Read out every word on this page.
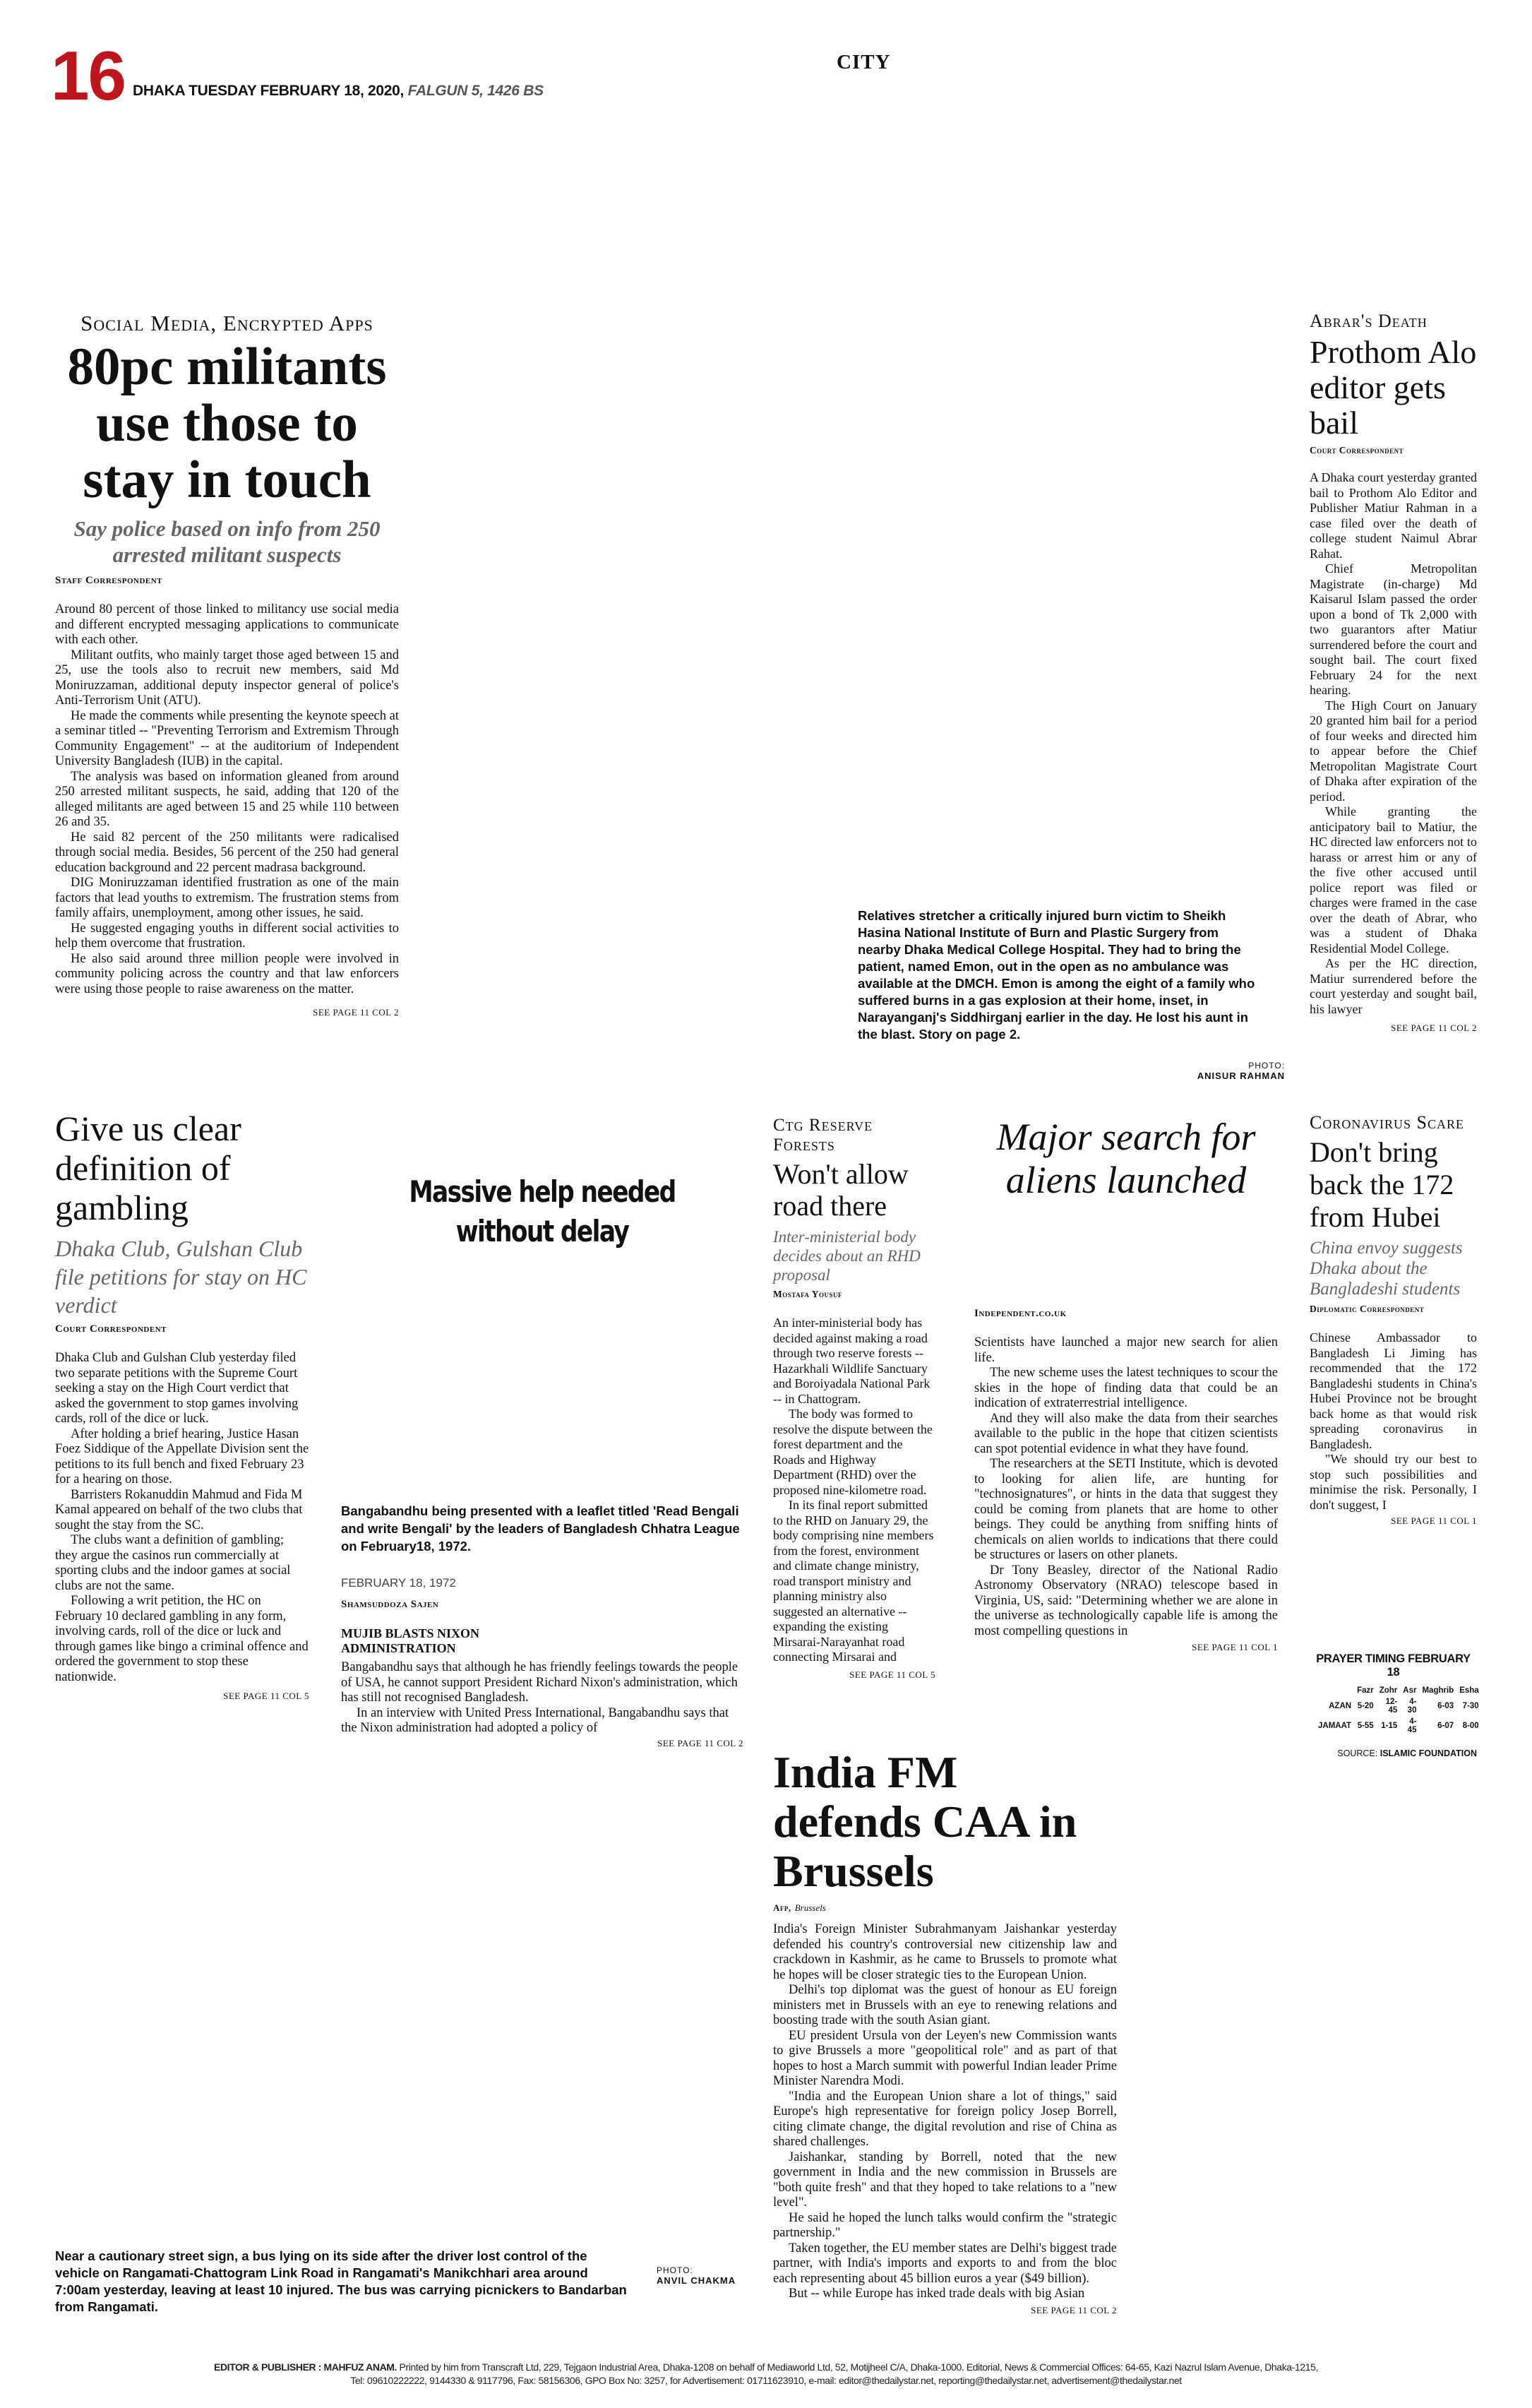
16 DHAKA TUESDAY FEBRUARY 18, 2020, FALGUN 5, 1426 BS
CITY
Social Media, Encrypted Apps
80pc militants use those to stay in touch
Say police based on info from 250 arrested militant suspects
Staff Correspondent

Around 80 percent of those linked to militancy use social media and different encrypted messaging applications to communicate with each other.

Militant outfits, who mainly target those aged between 15 and 25, use the tools also to recruit new members, said Md Moniruzzaman, additional deputy inspector general of police's Anti-Terrorism Unit (ATU).

He made the comments while presenting the keynote speech at a seminar titled -- "Preventing Terrorism and Extremism Through Community Engagement" -- at the auditorium of Independent University Bangladesh (IUB) in the capital.

The analysis was based on information gleaned from around 250 arrested militant suspects, he said, adding that 120 of the alleged militants are aged between 15 and 25 while 110 between 26 and 35.

He said 82 percent of the 250 militants were radicalised through social media. Besides, 56 percent of the 250 had general education background and 22 percent madrasa background.

DIG Moniruzzaman identified frustration as one of the main factors that lead youths to extremism. The frustration stems from family affairs, unemployment, among other issues, he said.

He suggested engaging youths in different social activities to help them overcome that frustration.

He also said around three million people were involved in community policing across the country and that law enforcers were using those people to raise awareness on the matter.

SEE PAGE 11 COL 2
Relatives stretcher a critically injured burn victim to Sheikh Hasina National Institute of Burn and Plastic Surgery from nearby Dhaka Medical College Hospital. They had to bring the patient, named Emon, out in the open as no ambulance was available at the DMCH. Emon is among the eight of a family who suffered burns in a gas explosion at their home, inset, in Narayanganj's Siddhirganj earlier in the day. He lost his aunt in the blast. Story on page 2.
PHOTO:
ANISUR RAHMAN
Abrar's Death
Prothom Alo editor gets bail
Court Correspondent

A Dhaka court yesterday granted bail to Prothom Alo Editor and Publisher Matiur Rahman in a case filed over the death of college student Naimul Abrar Rahat.

Chief Metropolitan Magistrate (in-charge) Md Kaisarul Islam passed the order upon a bond of Tk 2,000 with two guarantors after Matiur surrendered before the court and sought bail. The court fixed February 24 for the next hearing.

The High Court on January 20 granted him bail for a period of four weeks and directed him to appear before the Chief Metropolitan Magistrate Court of Dhaka after expiration of the period.

While granting the anticipatory bail to Matiur, the HC directed law enforcers not to harass or arrest him or any of the five other accused until police report was filed or charges were framed in the case over the death of Abrar, who was a student of Dhaka Residential Model College.

As per the HC direction, Matiur surrendered before the court yesterday and sought bail, his lawyer

SEE PAGE 11 COL 2
Give us clear definition of gambling
Dhaka Club, Gulshan Club file petitions for stay on HC verdict
Court Correspondent

Dhaka Club and Gulshan Club yesterday filed two separate petitions with the Supreme Court seeking a stay on the High Court verdict that asked the government to stop games involving cards, roll of the dice or luck.

After holding a brief hearing, Justice Hasan Foez Siddique of the Appellate Division sent the petitions to its full bench and fixed February 23 for a hearing on those.

Barristers Rokanuddin Mahmud and Fida M Kamal appeared on behalf of the two clubs that sought the stay from the SC.

The clubs want a definition of gambling; they argue the casinos run commercially at sporting clubs and the indoor games at social clubs are not the same.

Following a writ petition, the HC on February 10 declared gambling in any form, involving cards, roll of the dice or luck and through games like bingo a criminal offence and ordered the government to stop these nationwide.

SEE PAGE 11 COL 5
Massive help needed without delay
Bangabandhu being presented with a leaflet titled 'Read Bengali and write Bengali' by the leaders of Bangladesh Chhatra League on February18, 1972.
FEBRUARY 18, 1972
Shamsuddoza Sajen
MUJIB BLASTS NIXON ADMINISTRATION

Bangabandhu says that although he has friendly feelings towards the people of USA, he cannot support President Richard Nixon's administration, which has still not recognised Bangladesh.

In an interview with United Press International, Bangabandhu says that the Nixon administration had adopted a policy of

SEE PAGE 11 COL 2
Ctg Reserve Forests
Won't allow road there
Inter-ministerial body decides about an RHD proposal
Mostafa Yousuf

An inter-ministerial body has decided against making a road through two reserve forests -- Hazarkhali Wildlife Sanctuary and Boroiyadala National Park -- in Chattogram.

The body was formed to resolve the dispute between the forest department and the Roads and Highway Department (RHD) over the proposed nine-kilometre road.

In its final report submitted to the RHD on January 29, the body comprising nine members from the forest, environment and climate change ministry, road transport ministry and planning ministry also suggested an alternative -- expanding the existing Mirsarai-Narayanhat road connecting Mirsarai and

SEE PAGE 11 COL 5
Major search for aliens launched
Independent.co.uk

Scientists have launched a major new search for alien life.

The new scheme uses the latest techniques to scour the skies in the hope of finding data that could be an indication of extraterrestrial intelligence.

And they will also make the data from their searches available to the public in the hope that citizen scientists can spot potential evidence in what they have found.

The researchers at the SETI Institute, which is devoted to looking for alien life, are hunting for "technosignatures", or hints in the data that suggest they could be coming from planets that are home to other beings. They could be anything from sniffing hints of chemicals on alien worlds to indications that there could be structures or lasers on other planets.

Dr Tony Beasley, director of the National Radio Astronomy Observatory (NRAO) telescope based in Virginia, US, said: "Determining whether we are alone in the universe as technologically capable life is among the most compelling questions in

SEE PAGE 11 COL 1
Coronavirus Scare
Don't bring back the 172 from Hubei
China envoy suggests Dhaka about the Bangladeshi students
Diplomatic Correspondent

Chinese Ambassador to Bangladesh Li Jiming has recommended that the 172 Bangladeshi students in China's Hubei Province not be brought back home as that would risk spreading coronavirus in Bangladesh.

"We should try our best to stop such possibilities and minimise the risk. Personally, I don't suggest, I

SEE PAGE 11 COL 1
PRAYER TIMING FEBRUARY 18
	Fazr	Zohr	Asr	Maghrib	Esha
AZAN	5-20	12-45	4-30	6-03	7-30
JAMAAT	5-55	1-15	4-45	6-07	8-00
SOURCE: ISLAMIC FOUNDATION
India FM defends CAA in Brussels
Afp, Brussels

India's Foreign Minister Subrahmanyam Jaishankar yesterday defended his country's controversial new citizenship law and crackdown in Kashmir, as he came to Brussels to promote what he hopes will be closer strategic ties to the European Union.

Delhi's top diplomat was the guest of honour as EU foreign ministers met in Brussels with an eye to renewing relations and boosting trade with the south Asian giant.

EU president Ursula von der Leyen's new Commission wants to give Brussels a more "geopolitical role" and as part of that hopes to host a March summit with powerful Indian leader Prime Minister Narendra Modi.

"India and the European Union share a lot of things," said Europe's high representative for foreign policy Josep Borrell, citing climate change, the digital revolution and rise of China as shared challenges.

Jaishankar, standing by Borrell, noted that the new government in India and the new commission in Brussels are "both quite fresh" and that they hoped to take relations to a "new level".

He said he hoped the lunch talks would confirm the "strategic partnership."

Taken together, the EU member states are Delhi's biggest trade partner, with India's imports and exports to and from the bloc each representing about 45 billion euros a year ($49 billion).

But -- while Europe has inked trade deals with big Asian

SEE PAGE 11 COL 2
Near a cautionary street sign, a bus lying on its side after the driver lost control of the vehicle on Rangamati-Chattogram Link Road in Rangamati's Manikchhari area around 7:00am yesterday, leaving at least 10 injured. The bus was carrying picnickers to Bandarban from Rangamati.
PHOTO:
ANVIL CHAKMA
EDITOR & PUBLISHER : MAHFUZ ANAM. Printed by him from Transcraft Ltd, 229, Tejgaon Industrial Area, Dhaka-1208 on behalf of Mediaworld Ltd, 52, Motijheel C/A, Dhaka-1000. Editorial, News & Commercial Offices: 64-65, Kazi Nazrul Islam Avenue, Dhaka-1215,
Tel: 09610222222, 9144330 & 9117796, Fax: 58156306, GPO Box No: 3257, for Advertisement: 01711623910, e-mail: editor@thedailystar.net, reporting@thedailystar.net, advertisement@thedailystar.net
